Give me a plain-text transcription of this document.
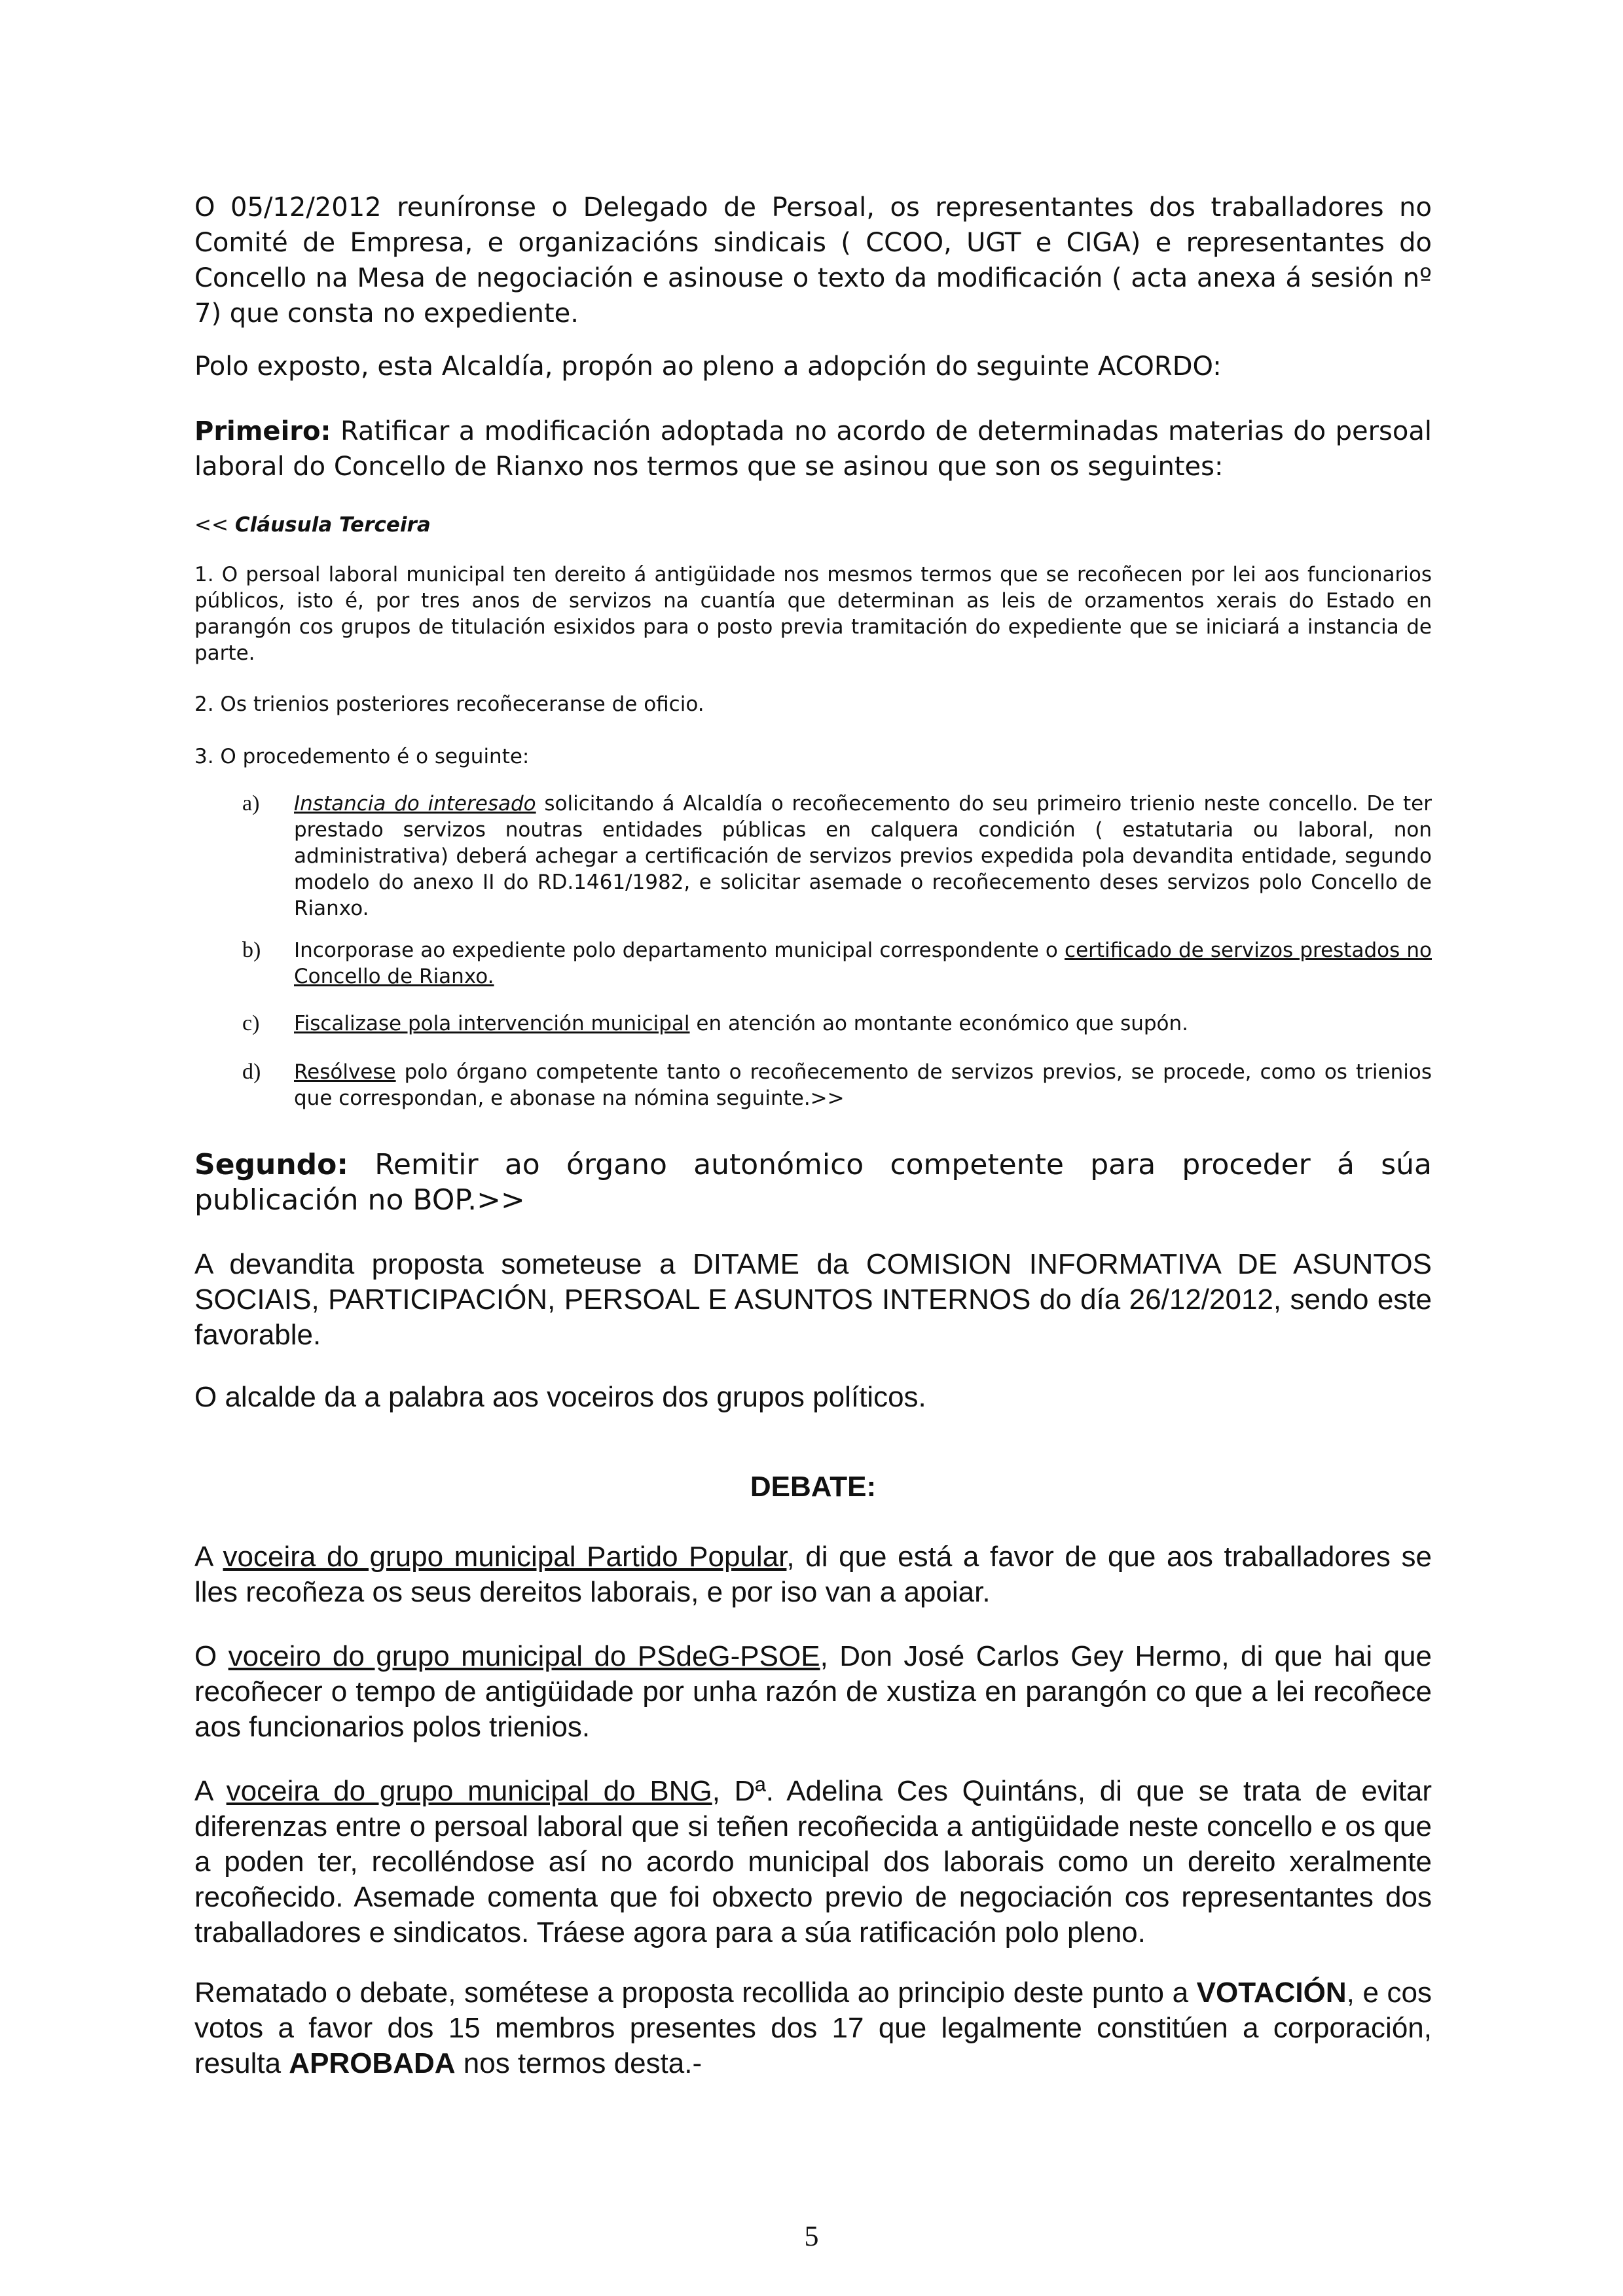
O 05/12/2012 reuníronse o Delegado de Persoal, os representantes dos traballadores no Comité de Empresa, e organizacións sindicais ( CCOO, UGT e CIGA) e representantes do Concello na Mesa de negociación e asinouse o texto da modificación ( acta anexa á sesión nº 7) que consta no expediente.

Polo exposto, esta Alcaldía, propón ao pleno a adopción do seguinte ACORDO:

Primeiro: Ratificar a modificación adoptada no acordo de determinadas materias do persoal laboral do Concello de Rianxo nos termos que se asinou que son os seguintes:

<< Cláusula Terceira

1. O persoal laboral municipal ten dereito á antigüidade nos mesmos termos que se recoñecen por lei aos funcionarios públicos, isto é, por tres anos de servizos na cuantía que determinan as leis de orzamentos xerais do Estado en parangón cos grupos de titulación esixidos para o posto previa tramitación do expediente que se iniciará a instancia de parte.

2. Os trienios posteriores recoñeceranse de oficio.

3. O procedemento é o seguinte:

a) Instancia do interesado solicitando á Alcaldía o recoñecemento do seu primeiro trienio neste concello. De ter prestado servizos noutras entidades públicas en calquera condición ( estatutaria ou laboral, non administrativa) deberá achegar a certificación de servizos previos expedida pola devandita entidade, segundo modelo do anexo II do RD.1461/1982, e solicitar asemade o recoñecemento deses servizos polo Concello de Rianxo.

b) Incorporase ao expediente polo departamento municipal correspondente o certificado de servizos prestados no Concello de Rianxo.

c) Fiscalizase pola intervención municipal en atención ao montante económico que supón.

d) Resólvese polo órgano competente tanto o recoñecemento de servizos previos, se procede, como os trienios que correspondan, e abonase na nómina seguinte.>>

Segundo: Remitir ao órgano autonómico competente para proceder á súa publicación no BOP.>>

A devandita proposta someteuse a DITAME da COMISION INFORMATIVA DE ASUNTOS SOCIAIS, PARTICIPACIÓN, PERSOAL E ASUNTOS INTERNOS do día 26/12/2012, sendo este favorable.

O alcalde da a palabra aos voceiros dos grupos políticos.

DEBATE:

A voceira do grupo municipal Partido Popular, di que está a favor de que aos traballadores se lles recoñeza os seus dereitos laborais, e por iso van a apoiar.

O voceiro do grupo municipal do PSdeG-PSOE, Don José Carlos Gey Hermo, di que hai que recoñecer o tempo de antigüidade por unha razón de xustiza en parangón co que a lei recoñece aos funcionarios polos trienios.

A voceira do grupo municipal do BNG, Dª. Adelina Ces Quintáns, di que se trata de evitar diferenzas entre o persoal laboral que si teñen recoñecida a antigüidade neste concello e os que a poden ter, recolléndose así no acordo municipal dos laborais como un dereito xeralmente recoñecido. Asemade comenta que foi obxecto previo de negociación cos representantes dos traballadores e sindicatos. Tráese agora para a súa ratificación polo pleno.

Rematado o debate, sométese a proposta recollida ao principio deste punto a VOTACIÓN, e cos votos a favor dos 15 membros presentes dos 17 que legalmente constitúen a corporación, resulta APROBADA nos termos desta.-

5
